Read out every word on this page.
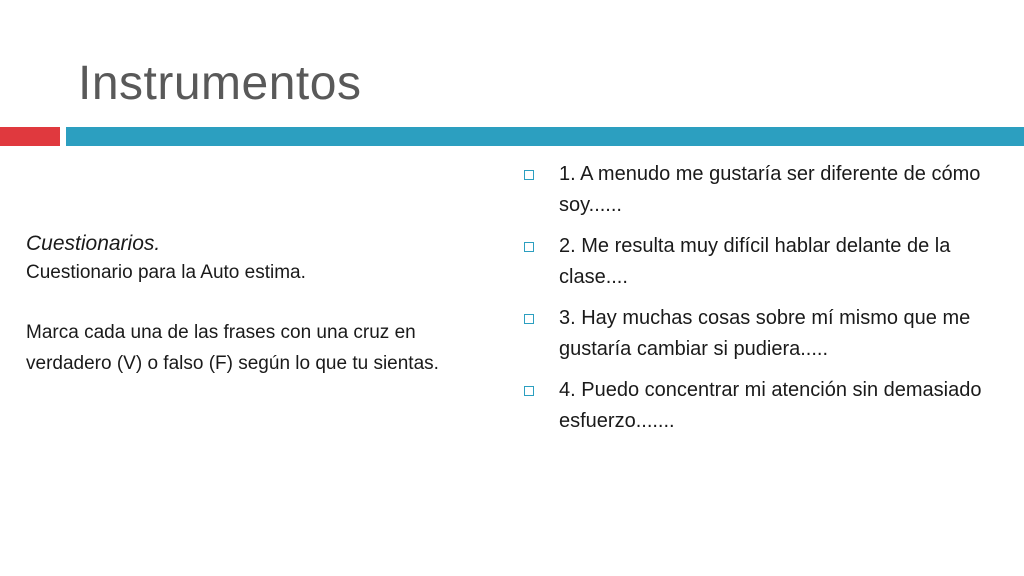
Instrumentos
Cuestionarios.
Cuestionario para la Auto estima.
Marca cada una de las frases con una cruz en verdadero (V) o falso (F) según lo que tu sientas.
1. A menudo me gustaría ser diferente de cómo soy......
2. Me resulta muy difícil hablar delante de la clase....
3. Hay muchas cosas sobre mí mismo que me gustaría cambiar si pudiera.....
4. Puedo concentrar mi atención sin demasiado esfuerzo.......
